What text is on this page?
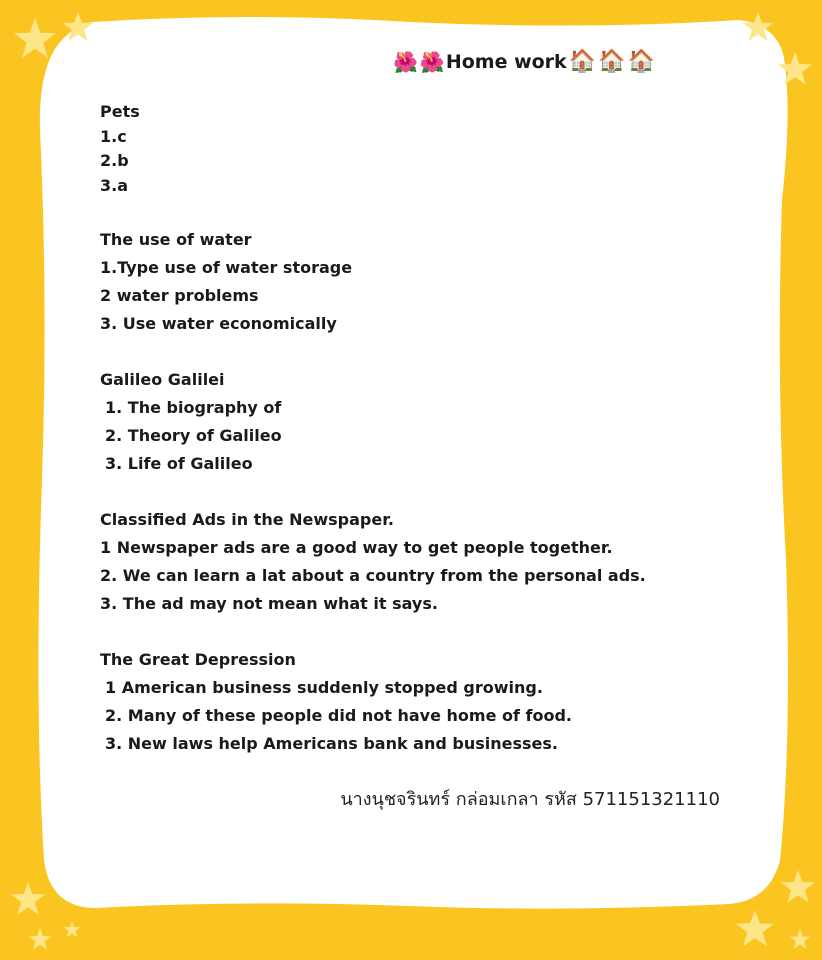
🌺 🌺 Home work 🏠 🏠 🏠
Pets
1.c
2.b
3.a
The use of water
1.Type use of water storage
2 water problems
3. Use water economically
Galileo Galilei
1. The biography of
2. Theory of Galileo
3. Life of Galileo
Classified Ads in the Newspaper.
1 Newspaper ads are a good way to get people together.
2. We can learn a lat about a country from the personal ads.
3. The ad may not mean what it says.
The Great Depression
1 American business suddenly stopped growing.
2. Many of these people did not have home of food.
3. New laws help Americans bank and businesses.
นางนุชจรินทร์ กล่อมเกลา รหัส 571151321110
